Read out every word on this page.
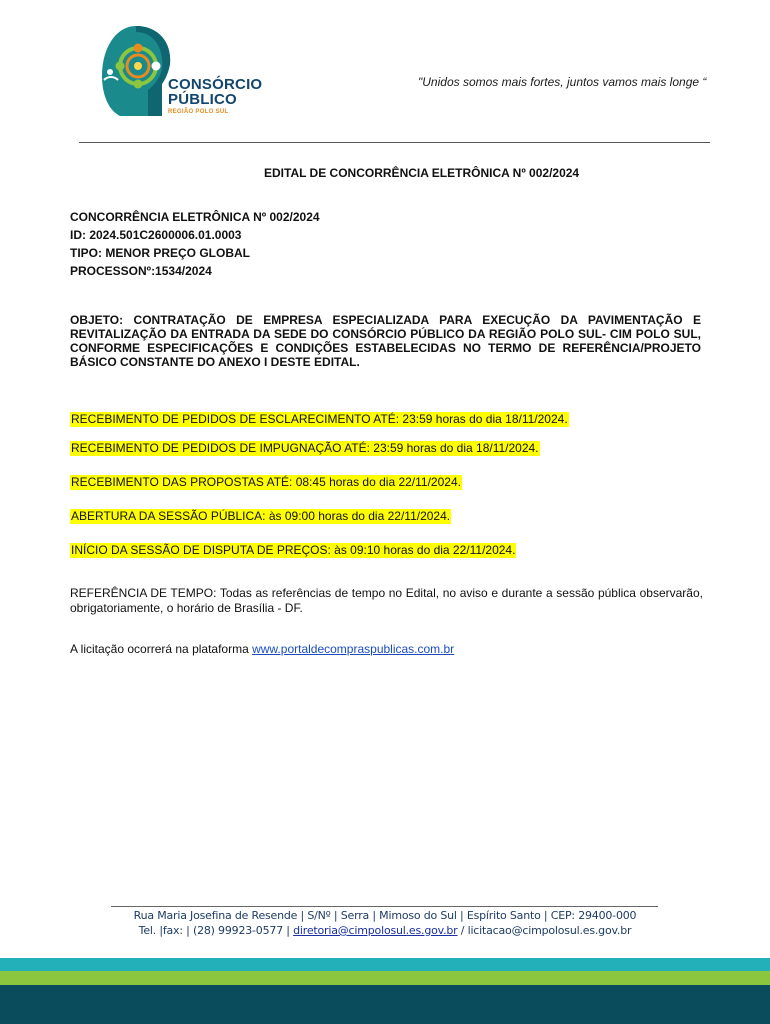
CONSÓRCIO
PÚBLICO
REGIÃO POLO SUL
"Unidos somos mais fortes, juntos vamos mais longe “
EDITAL DE CONCORRÊNCIA ELETRÔNICA Nº 002/2024
CONCORRÊNCIA ELETRÔNICA Nº 002/2024
ID: 2024.501C2600006.01.0003
TIPO: MENOR PREÇO GLOBAL
PROCESSONº:1534/2024
OBJETO: CONTRATAÇÃO DE EMPRESA ESPECIALIZADA PARA EXECUÇÃO DA PAVIMENTAÇÃO E REVITALIZAÇÃO DA ENTRADA DA SEDE DO CONSÓRCIO PÚBLICO DA REGIÃO POLO SUL- CIM POLO SUL, CONFORME ESPECIFICAÇÕES E CONDIÇÕES ESTABELECIDAS NO TERMO DE REFERÊNCIA/PROJETO BÁSICO CONSTANTE DO ANEXO I DESTE EDITAL.
RECEBIMENTO DE PEDIDOS DE ESCLARECIMENTO ATÉ: 23:59 horas do dia 18/11/2024.
RECEBIMENTO DE PEDIDOS DE IMPUGNAÇÃO ATÉ: 23:59 horas do dia 18/11/2024.
RECEBIMENTO DAS PROPOSTAS ATÉ: 08:45 horas do dia 22/11/2024.
ABERTURA DA SESSÃO PÚBLICA: às 09:00 horas do dia 22/11/2024.
INÍCIO DA SESSÃO DE DISPUTA DE PREÇOS: às 09:10 horas do dia 22/11/2024.
REFERÊNCIA DE TEMPO: Todas as referências de tempo no Edital, no aviso e durante a sessão pública observarão, obrigatoriamente, o horário de Brasília - DF.
A licitação ocorrerá na plataforma www.portaldecompraspublicas.com.br
Rua Maria Josefina de Resende | S/Nº | Serra | Mimoso do Sul | Espírito Santo | CEP: 29400-000
Tel. |fax: | (28) 99923-0577 | diretoria@cimpolosul.es.gov.br / licitacao@cimpolosul.es.gov.br
